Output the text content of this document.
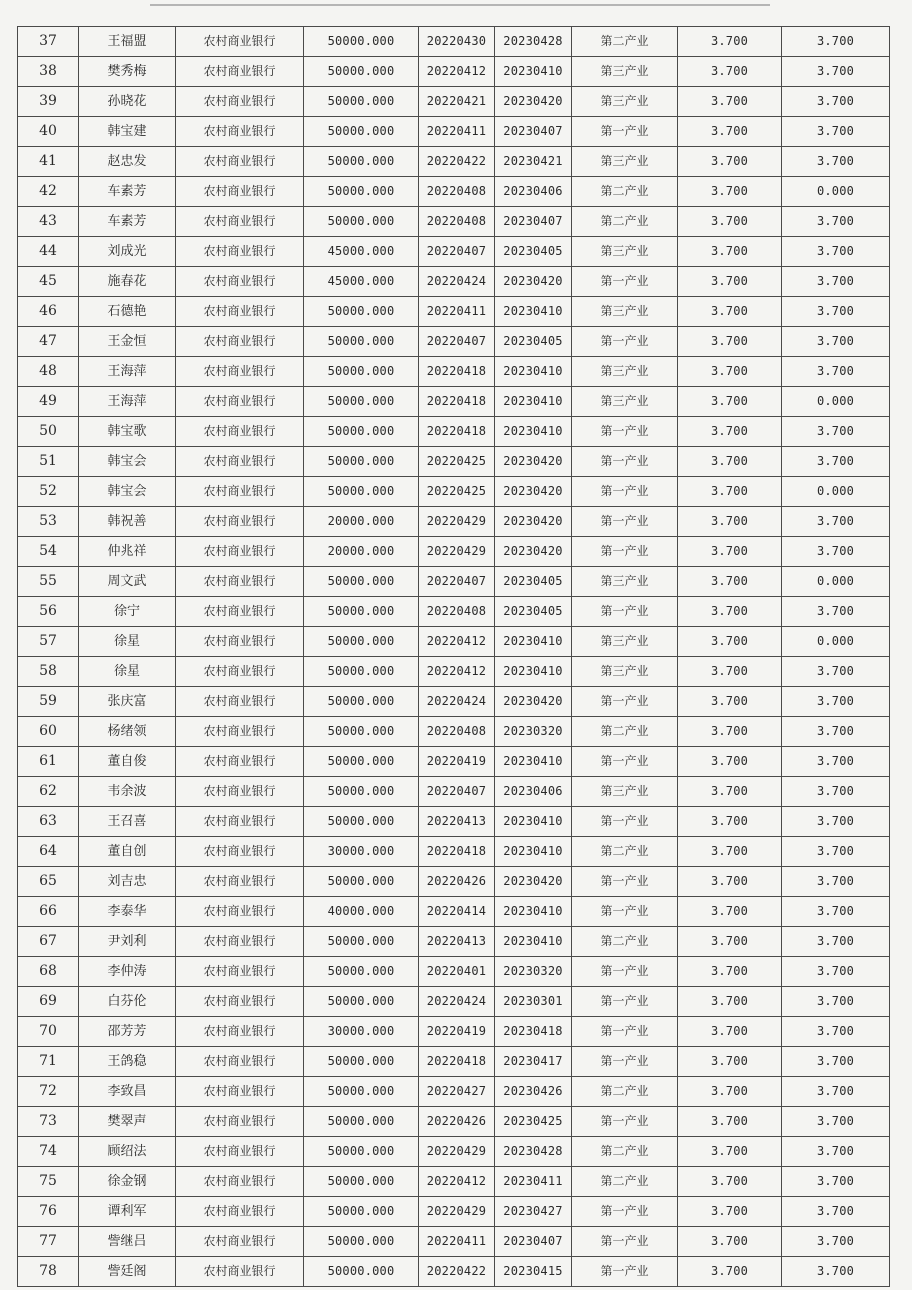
37	王福盟	农村商业银行	50000.000	20220430	20230428	第二产业	3.700	3.700
38	樊秀梅	农村商业银行	50000.000	20220412	20230410	第三产业	3.700	3.700
39	孙晓花	农村商业银行	50000.000	20220421	20230420	第三产业	3.700	3.700
40	韩宝建	农村商业银行	50000.000	20220411	20230407	第一产业	3.700	3.700
41	赵忠发	农村商业银行	50000.000	20220422	20230421	第三产业	3.700	3.700
42	车素芳	农村商业银行	50000.000	20220408	20230406	第二产业	3.700	0.000
43	车素芳	农村商业银行	50000.000	20220408	20230407	第二产业	3.700	3.700
44	刘成光	农村商业银行	45000.000	20220407	20230405	第三产业	3.700	3.700
45	施春花	农村商业银行	45000.000	20220424	20230420	第一产业	3.700	3.700
46	石德艳	农村商业银行	50000.000	20220411	20230410	第三产业	3.700	3.700
47	王金恒	农村商业银行	50000.000	20220407	20230405	第一产业	3.700	3.700
48	王海萍	农村商业银行	50000.000	20220418	20230410	第三产业	3.700	3.700
49	王海萍	农村商业银行	50000.000	20220418	20230410	第三产业	3.700	0.000
50	韩宝歌	农村商业银行	50000.000	20220418	20230410	第一产业	3.700	3.700
51	韩宝会	农村商业银行	50000.000	20220425	20230420	第一产业	3.700	3.700
52	韩宝会	农村商业银行	50000.000	20220425	20230420	第一产业	3.700	0.000
53	韩祝善	农村商业银行	20000.000	20220429	20230420	第一产业	3.700	3.700
54	仲兆祥	农村商业银行	20000.000	20220429	20230420	第一产业	3.700	3.700
55	周文武	农村商业银行	50000.000	20220407	20230405	第三产业	3.700	0.000
56	徐宁	农村商业银行	50000.000	20220408	20230405	第一产业	3.700	3.700
57	徐星	农村商业银行	50000.000	20220412	20230410	第三产业	3.700	0.000
58	徐星	农村商业银行	50000.000	20220412	20230410	第三产业	3.700	3.700
59	张庆富	农村商业银行	50000.000	20220424	20230420	第一产业	3.700	3.700
60	杨绪领	农村商业银行	50000.000	20220408	20230320	第二产业	3.700	3.700
61	董自俊	农村商业银行	50000.000	20220419	20230410	第一产业	3.700	3.700
62	韦余波	农村商业银行	50000.000	20220407	20230406	第三产业	3.700	3.700
63	王召喜	农村商业银行	50000.000	20220413	20230410	第一产业	3.700	3.700
64	董自创	农村商业银行	30000.000	20220418	20230410	第二产业	3.700	3.700
65	刘吉忠	农村商业银行	50000.000	20220426	20230420	第一产业	3.700	3.700
66	李泰华	农村商业银行	40000.000	20220414	20230410	第一产业	3.700	3.700
67	尹刘利	农村商业银行	50000.000	20220413	20230410	第二产业	3.700	3.700
68	李仲涛	农村商业银行	50000.000	20220401	20230320	第一产业	3.700	3.700
69	白芬伦	农村商业银行	50000.000	20220424	20230301	第一产业	3.700	3.700
70	邵芳芳	农村商业银行	30000.000	20220419	20230418	第一产业	3.700	3.700
71	王鸽稳	农村商业银行	50000.000	20220418	20230417	第一产业	3.700	3.700
72	李致昌	农村商业银行	50000.000	20220427	20230426	第二产业	3.700	3.700
73	樊翠声	农村商业银行	50000.000	20220426	20230425	第一产业	3.700	3.700
74	顾绍法	农村商业银行	50000.000	20220429	20230428	第二产业	3.700	3.700
75	徐金钢	农村商业银行	50000.000	20220412	20230411	第二产业	3.700	3.700
76	谭利军	农村商业银行	50000.000	20220429	20230427	第一产业	3.700	3.700
77	訾继吕	农村商业银行	50000.000	20220411	20230407	第一产业	3.700	3.700
78	訾廷阁	农村商业银行	50000.000	20220422	20230415	第一产业	3.700	3.700
